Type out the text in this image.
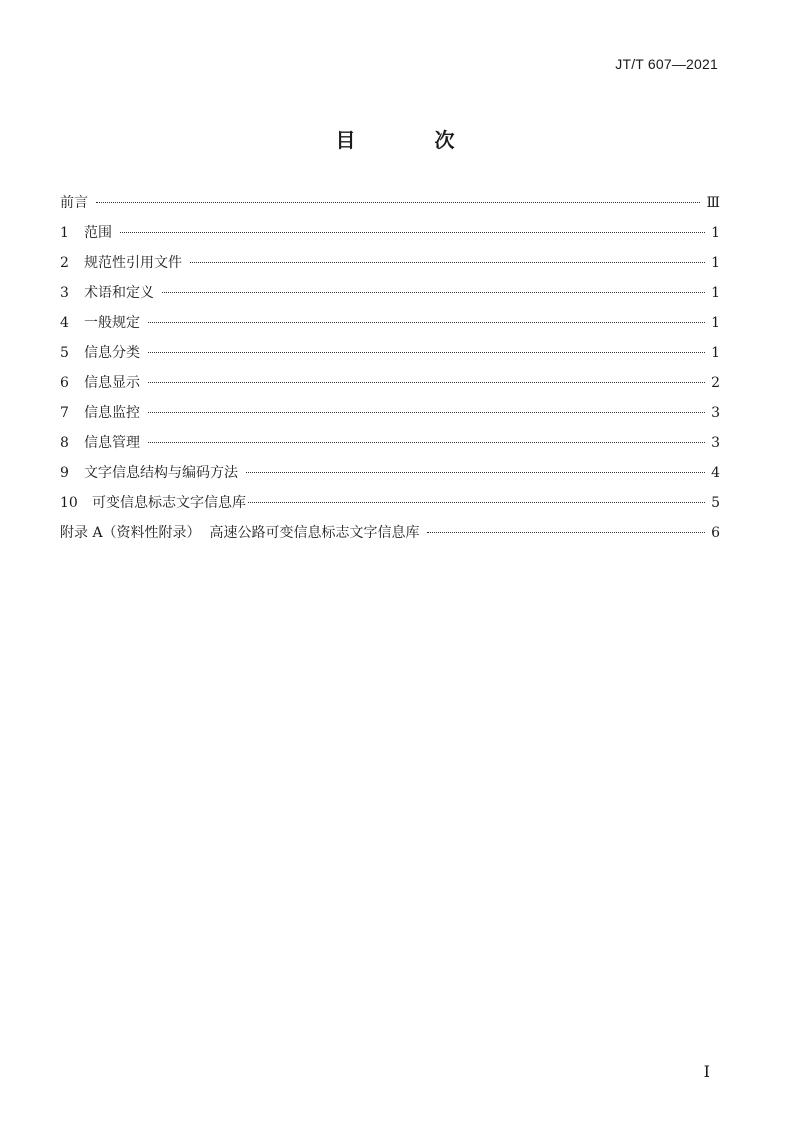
JT/T 607—2021
目 次
前言	Ⅲ
1	范围	1
2	规范性引用文件	1
3	术语和定义	1
4	一般规定	1
5	信息分类	1
6	信息显示	2
7	信息监控	3
8	信息管理	3
9	文字信息结构与编码方法	4
10	可变信息标志文字信息库	5
附录 A（资料性附录）  高速公路可变信息标志文字信息库	6
I
